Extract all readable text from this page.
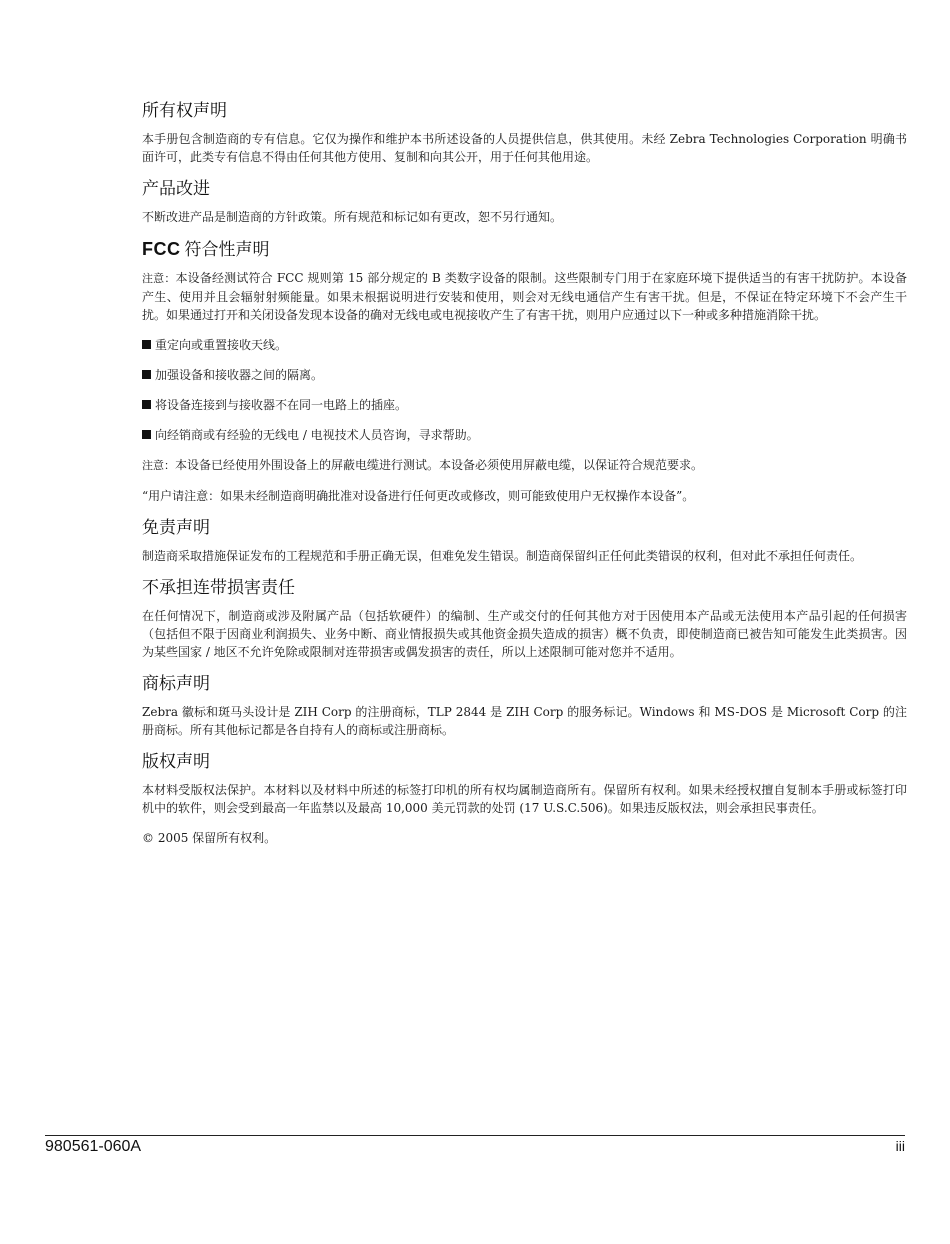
所有权声明

本手册包含制造商的专有信息。它仅为操作和维护本书所述设备的人员提供信息，供其使用。未经 Zebra Technologies Corporation 明确书面许可，此类专有信息不得由任何其他方使用、复制和向其公开，用于任何其他用途。

产品改进

不断改进产品是制造商的方针政策。所有规范和标记如有更改，恕不另行通知。

FCC 符合性声明

注意：本设备经测试符合 FCC 规则第 15 部分规定的 B 类数字设备的限制。这些限制专门用于在家庭环境下提供适当的有害干扰防护。本设备产生、使用并且会辐射射频能量。如果未根据说明进行安装和使用，则会对无线电通信产生有害干扰。但是，不保证在特定环境下不会产生干扰。如果通过打开和关闭设备发现本设备的确对无线电或电视接收产生了有害干扰，则用户应通过以下一种或多种措施消除干扰。

重定向或重置接收天线。
加强设备和接收器之间的隔离。
将设备连接到与接收器不在同一电路上的插座。
向经销商或有经验的无线电 / 电视技术人员咨询，寻求帮助。

注意：本设备已经使用外围设备上的屏蔽电缆进行测试。本设备必须使用屏蔽电缆，以保证符合规范要求。

“用户请注意：如果未经制造商明确批准对设备进行任何更改或修改，则可能致使用户无权操作本设备”。

免责声明

制造商采取措施保证发布的工程规范和手册正确无误，但难免发生错误。制造商保留纠正任何此类错误的权利，但对此不承担任何责任。

不承担连带损害责任

在任何情况下，制造商或涉及附属产品（包括软硬件）的编制、生产或交付的任何其他方对于因使用本产品或无法使用本产品引起的任何损害（包括但不限于因商业利润损失、业务中断、商业情报损失或其他资金损失造成的损害）概不负责，即使制造商已被告知可能发生此类损害。因为某些国家 / 地区不允许免除或限制对连带损害或偶发损害的责任，所以上述限制可能对您并不适用。

商标声明

Zebra 徽标和斑马头设计是 ZIH Corp 的注册商标，TLP 2844 是 ZIH Corp 的服务标记。Windows 和 MS-DOS 是 Microsoft Corp 的注册商标。所有其他标记都是各自持有人的商标或注册商标。

版权声明

本材料受版权法保护。本材料以及材料中所述的标签打印机的所有权均属制造商所有。保留所有权利。如果未经授权擅自复制本手册或标签打印机中的软件，则会受到最高一年监禁以及最高 10,000 美元罚款的处罚 (17 U.S.C.506)。如果违反版权法，则会承担民事责任。

© 2005 保留所有权利。

980561-060A	iii
